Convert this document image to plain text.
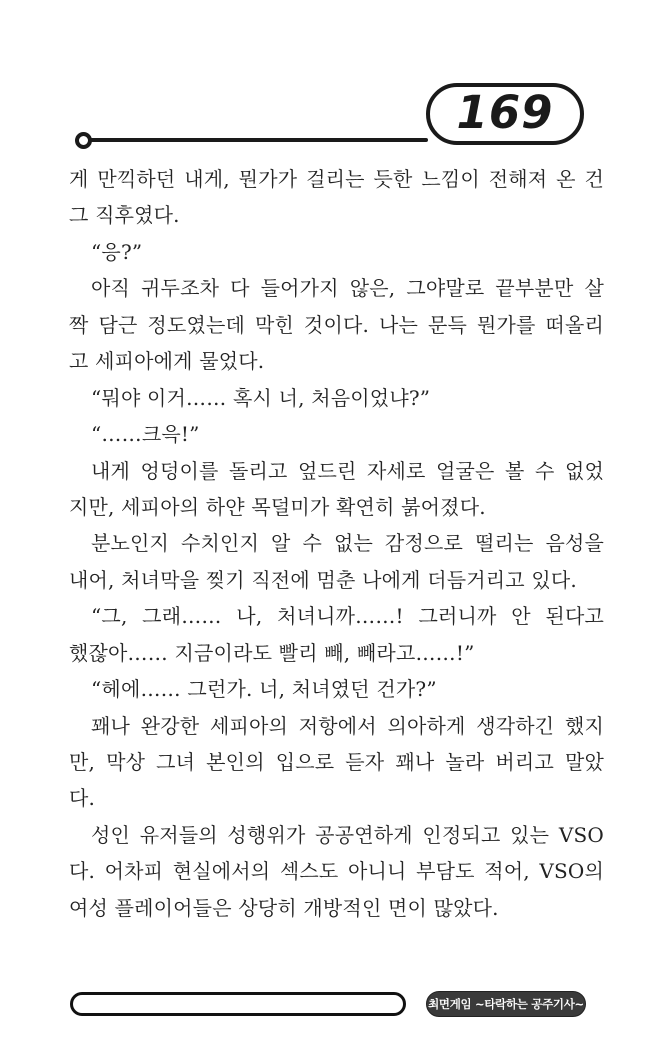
169
게 만끽하던 내게, 뭔가가 걸리는 듯한 느낌이 전해져 온 건
그 직후였다.
“응?”
아직 귀두조차 다 들어가지 않은, 그야말로 끝부분만 살
짝 담근 정도였는데 막힌 것이다. 나는 문득 뭔가를 떠올리
고 세피아에게 물었다.
“뭐야 이거…… 혹시 너, 처음이었냐?”
“……크윽!”
내게 엉덩이를 돌리고 엎드린 자세로 얼굴은 볼 수 없었
지만, 세피아의 하얀 목덜미가 확연히 붉어졌다.
분노인지 수치인지 알 수 없는 감정으로 떨리는 음성을
내어, 처녀막을 찢기 직전에 멈춘 나에게 더듬거리고 있다.
“그, 그래…… 나, 처녀니까……! 그러니까 안 된다고
했잖아…… 지금이라도 빨리 빼, 빼라고……!”
“헤에…… 그런가. 너, 처녀였던 건가?”
꽤나 완강한 세피아의 저항에서 의아하게 생각하긴 했지
만, 막상 그녀 본인의 입으로 듣자 꽤나 놀라 버리고 말았
다.
성인 유저들의 성행위가 공공연하게 인정되고 있는 VSO
다. 어차피 현실에서의 섹스도 아니니 부담도 적어, VSO의
여성 플레이어들은 상당히 개방적인 면이 많았다.
최면게임 ~타락하는 공주기사~
